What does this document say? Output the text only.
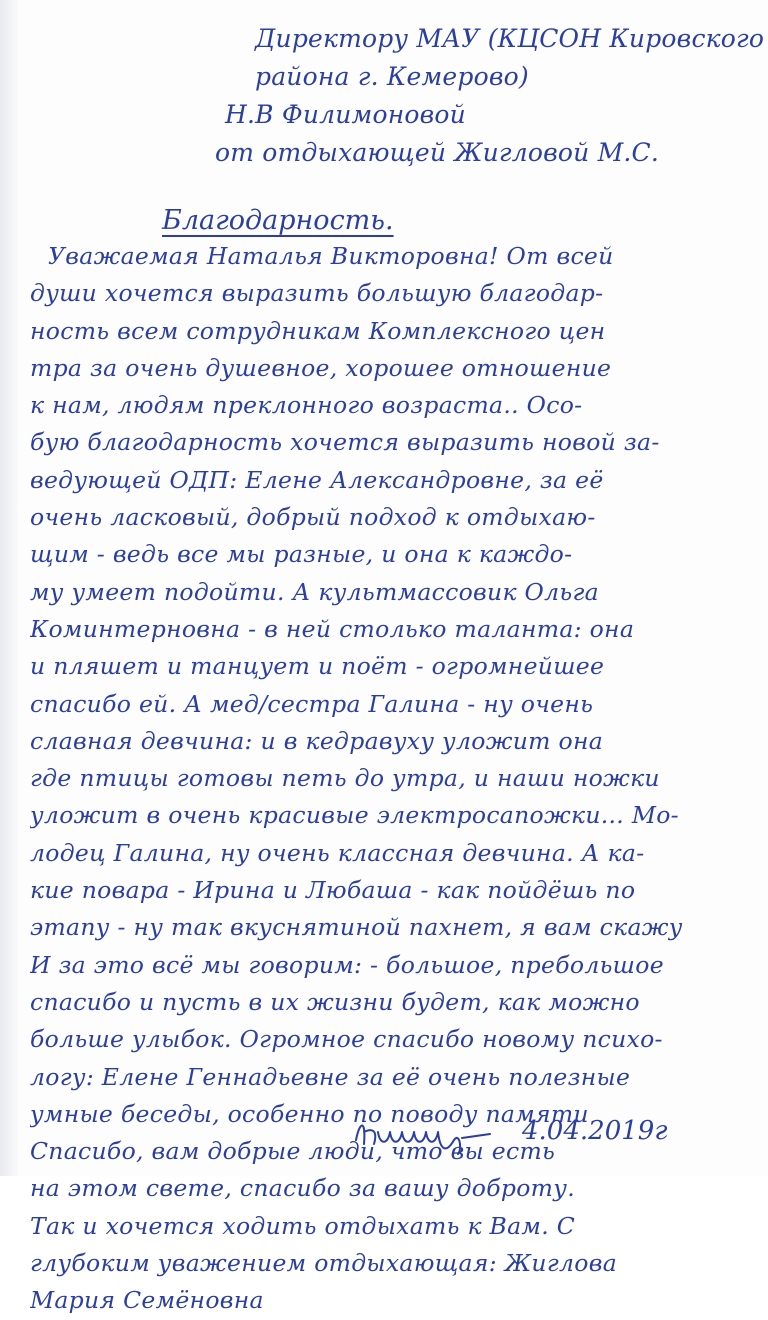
Директору МАУ (КЦСОН Кировского
района г. Кемерово)
Н.В Филимоновой
от отдыхающей Жигловой М.С.
Благодарность.
Уважаемая Наталья Викторовна! От всей
души хочется выразить большую благодар-
ность всем сотрудникам Комплексного цен
тра за очень душевное, хорошее отношение
к нам, людям преклонного возраста.. Осо-
бую благодарность хочется выразить новой за-
ведующей ОДП: Елене Александровне, за её
очень ласковый, добрый подход к отдыхаю-
щим - ведь все мы разные, и она к каждо-
му умеет подойти. А культмассовик Ольга
Коминтерновна - в ней столько таланта: она
и пляшет и танцует и поёт - огромнейшее
спасибо ей. А мед/сестра Галина - ну очень
славная девчина: и в кедравуху уложит она
где птицы готовы петь до утра, и наши ножки
уложит в очень красивые электросапожки... Мо-
лодец Галина, ну очень классная девчина. А ка-
кие повара - Ирина и Любаша - как пойдёшь по
этапу - ну так вкуснятиной пахнет, я вам скажу
И за это всё мы говорим: - большое, пребольшое
спасибо и пусть в их жизни будет, как можно
больше улыбок. Огромное спасибо новому психо-
логу: Елене Геннадьевне за её очень полезные
умные беседы, особенно по поводу памяти
Спасибо, вам добрые люди, что вы есть
на этом свете, спасибо за вашу доброту.
Так и хочется ходить отдыхать к Вам. С
глубоким уважением отдыхающая: Жиглова
Мария Семёновна
4.04.2019г
